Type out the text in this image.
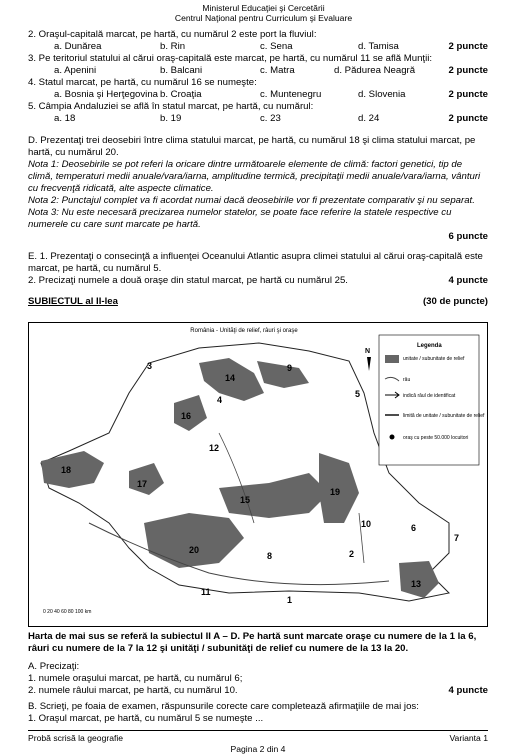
Ministerul Educaţiei şi Cercetării
Centrul Naţional pentru Curriculum şi Evaluare

2. Oraşul-capitală marcat, pe hartă, cu numărul 2 este port la fluviul:

a. Dunărea	b. Rin	c. Sena	d. Tamisa	2 puncte

3. Pe teritoriul statului al cărui oraş-capitală este marcat, pe hartă, cu numărul 11 se află Munţii:

a. Apenini	b. Balcani	c. Matra	d. Pădurea Neagră	2 puncte

4. Statul marcat, pe hartă, cu numărul 16 se numeşte:

a. Bosnia şi Herţegovina b. Croaţia	c. Muntenegru	d. Slovenia	2 puncte

5. Câmpia Andaluziei se află în statul marcat, pe hartă, cu numărul:

a. 18	b. 19	c. 23	d. 24	2 puncte

D. Prezentaţi trei deosebiri între clima statului marcat, pe hartă, cu numărul 18 şi clima statului marcat, pe hartă, cu numărul 20.

Nota 1: Deosebirile se pot referi la oricare dintre următoarele elemente de climă: factori genetici, tip de climă, temperaturi medii anuale/vara/iarna, amplitudine termică, precipitaţii medii anuale/vara/iarna, vânturi cu frecvenţă ridicată, alte aspecte climatice.

Nota 2: Punctajul complet va fi acordat numai dacă deosebirile vor fi prezentate comparativ şi nu separat.

Nota 3: Nu este necesară precizarea numelor statelor, se poate face referire la statele respective cu numerele cu care sunt marcate pe hartă.

6 puncte

E. 1. Prezentaţi o consecinţă a influenţei Oceanului Atlantic asupra climei statului al cărui oraş-capitală este marcat, pe hartă, cu numărul 5.

2. Precizaţi numele a două oraşe din statul marcat, pe hartă cu numărul 25.	4 puncte
SUBIECTUL al II-lea	(30 de puncte)
România - Unităţi de relief, râuri şi oraşe
Legenda
unitate / subunitate de relief
râu
indică râul de identificat
limită de unitate / subunitate de relief
oraş cu peste 50.000 locuitori
N
0 20 40 60 80 100 km
3
4
5
6
7
8
9
10
11
12
13
14
15
16
17
18
19
20
1
2

Harta de mai sus se referă la subiectul II A – D. Pe hartă sunt marcate oraşe cu numere de la 1 la 6, râuri cu numere de la 7 la 12 şi unităţi / subunităţi de relief cu numere de la 13 la 20.

A. Precizaţi:

1. numele oraşului marcat, pe hartă, cu numărul 6;

2. numele râului marcat, pe hartă, cu numărul 10.	4 puncte

B. Scrieţi, pe foaia de examen, răspunsurile corecte care completează afirmaţiile de mai jos:

1. Oraşul marcat, pe hartă, cu numărul 5 se numeşte ...

Probă scrisă la geografie	Varianta 1
Pagina 2 din 4
